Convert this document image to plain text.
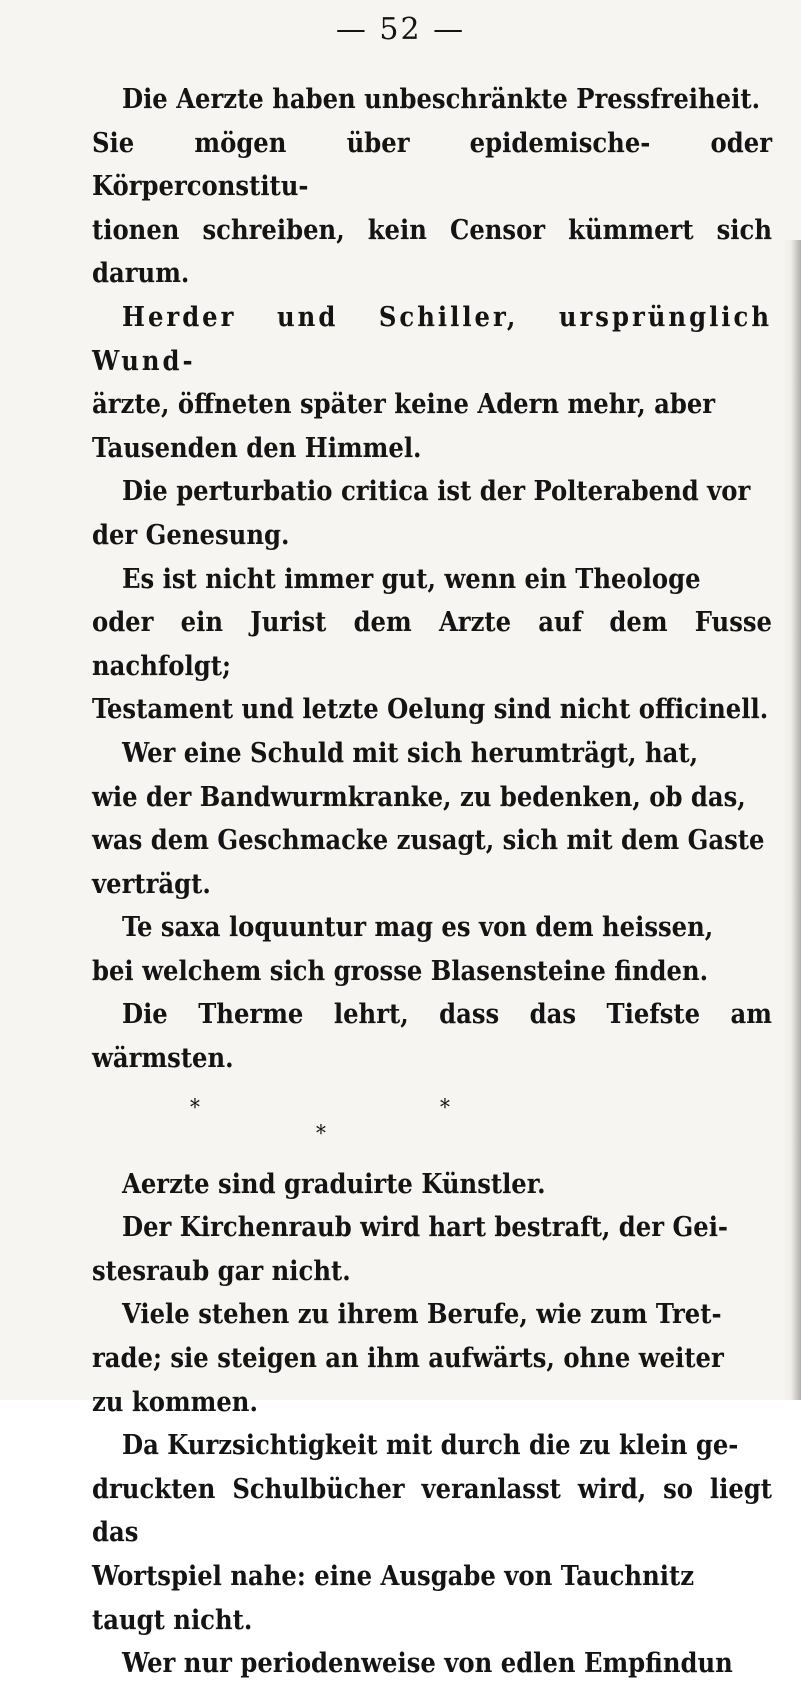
— 52 —

Die Aerzte haben unbeschränkte Pressfreiheit.
Sie mögen über epidemische- oder Körperconstitu-
tionen schreiben, kein Censor kümmert sich darum.

Herder und Schiller, ursprünglich Wund-
ärzte, öffneten später keine Adern mehr, aber
Tausenden den Himmel.

Die perturbatio critica ist der Polterabend vor
der Genesung.

Es ist nicht immer gut, wenn ein Theologe
oder ein Jurist dem Arzte auf dem Fusse nachfolgt;
Testament und letzte Oelung sind nicht officinell.

Wer eine Schuld mit sich herumträgt, hat,
wie der Bandwurmkranke, zu bedenken, ob das,
was dem Geschmacke zusagt, sich mit dem Gaste
verträgt.

Te saxa loquuntur mag es von dem heissen,
bei welchem sich grosse Blasensteine finden.

Die Therme lehrt, dass das Tiefste am wärmsten.

*	*
*

Aerzte sind graduirte Künstler.

Der Kirchenraub wird hart bestraft, der Gei-
stesraub gar nicht.

Viele stehen zu ihrem Berufe, wie zum Tret-
rade; sie steigen an ihm aufwärts, ohne weiter
zu kommen.

Da Kurzsichtigkeit mit durch die zu klein ge-
druckten Schulbücher veranlasst wird, so liegt das
Wortspiel nahe: eine Ausgabe von Tauchnitz
taugt nicht.

Wer nur periodenweise von edlen Empfindun
